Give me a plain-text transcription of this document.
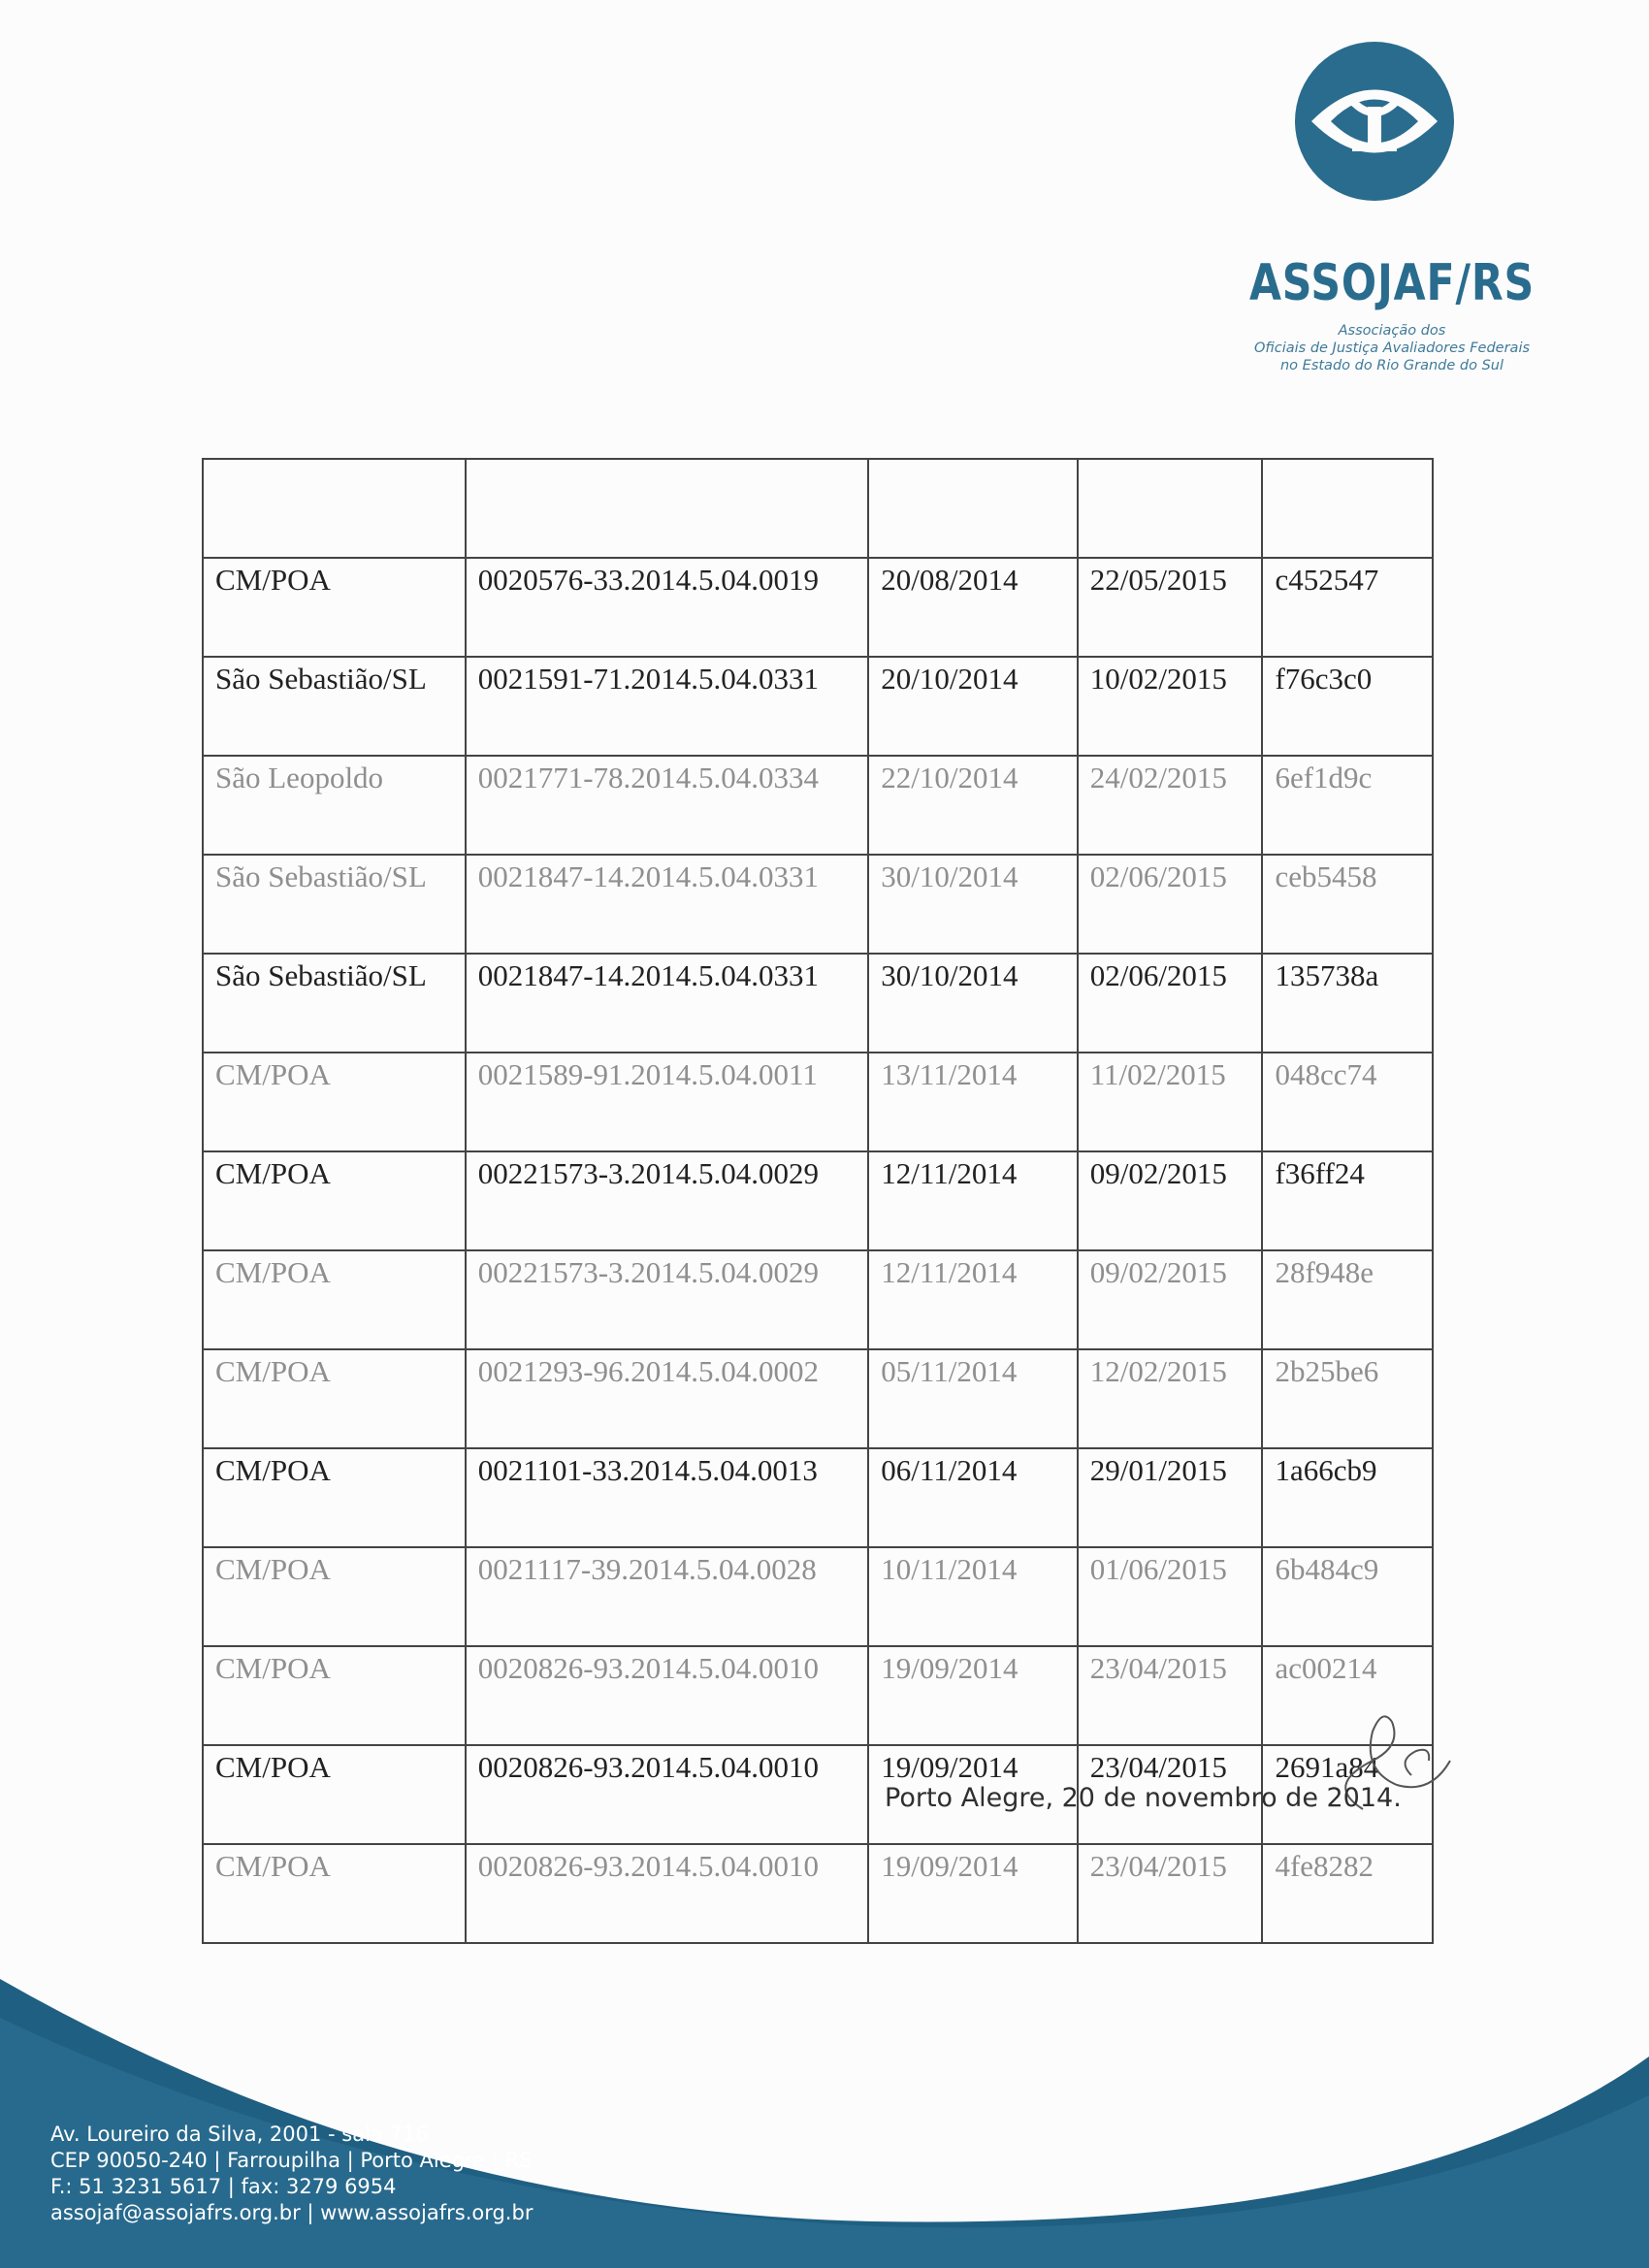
ASSOJAF/RS
Associação dos
Oficiais de Justiça Avaliadores Federais
no Estado do Rio Grande do Sul

CM/POA	0020576-33.2014.5.04.0019	20/08/2014	22/05/2015	c452547
São Sebastião/SL	0021591-71.2014.5.04.0331	20/10/2014	10/02/2015	f76c3c0
São Leopoldo	0021771-78.2014.5.04.0334	22/10/2014	24/02/2015	6ef1d9c
São Sebastião/SL	0021847-14.2014.5.04.0331	30/10/2014	02/06/2015	ceb5458
São Sebastião/SL	0021847-14.2014.5.04.0331	30/10/2014	02/06/2015	135738a
CM/POA	0021589-91.2014.5.04.0011	13/11/2014	11/02/2015	048cc74
CM/POA	00221573-3.2014.5.04.0029	12/11/2014	09/02/2015	f36ff24
CM/POA	00221573-3.2014.5.04.0029	12/11/2014	09/02/2015	28f948e
CM/POA	0021293-96.2014.5.04.0002	05/11/2014	12/02/2015	2b25be6
CM/POA	0021101-33.2014.5.04.0013	06/11/2014	29/01/2015	1a66cb9
CM/POA	0021117-39.2014.5.04.0028	10/11/2014	01/06/2015	6b484c9
CM/POA	0020826-93.2014.5.04.0010	19/09/2014	23/04/2015	ac00214
CM/POA	0020826-93.2014.5.04.0010	19/09/2014	23/04/2015	2691a84
CM/POA	0020826-93.2014.5.04.0010	19/09/2014	23/04/2015	4fe8282
Porto Alegre, 20 de novembro de 2014.
Av. Loureiro da Silva, 2001 - sala 716
CEP 90050-240 | Farroupilha | Porto Alegre | RS
F.: 51 3231 5617 | fax: 3279 6954
assojaf@assojafrs.org.br | www.assojafrs.org.br
